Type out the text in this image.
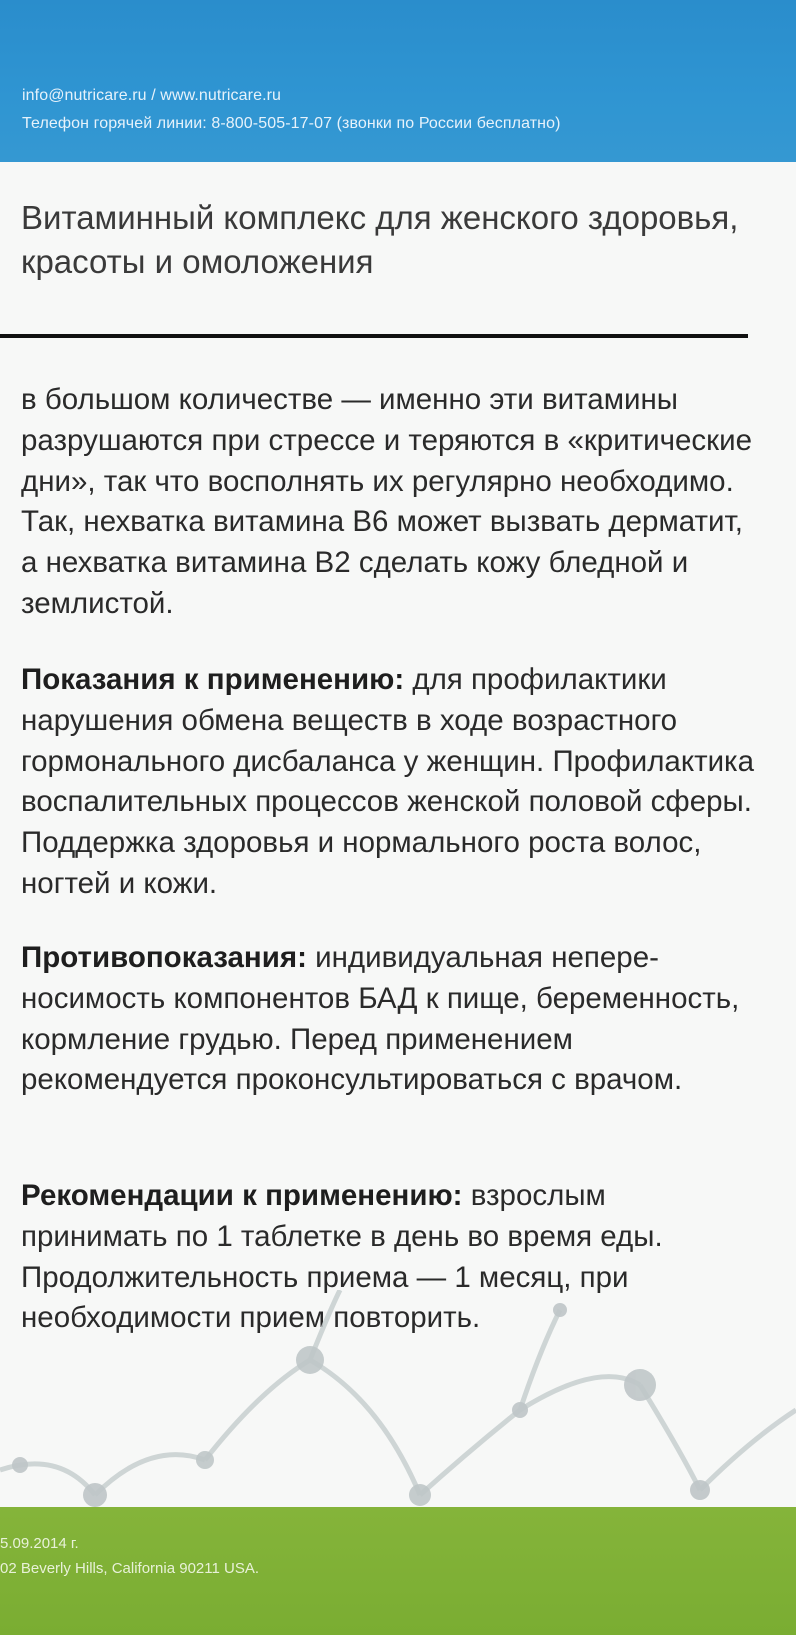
info@nutricare.ru / www.nutricare.ru
Телефон горячей линии: 8-800-505-17-07 (звонки по России бесплатно)
Витаминный комплекс для женского здоровья, красоты и омоложения
в большом количестве — именно эти витамины разрушаются при стрессе и теряются в «критические дни», так что восполнять их регулярно необходимо. Так, нехватка витамина В6 может вызвать дерматит, а нехватка витамина В2 сделать кожу бледной и землистой.
Показания к применению: для профилактики нарушения обмена веществ в ходе возрастного гормонального дисбаланса у женщин. Профилактика воспалительных процессов женской половой сферы. Поддержка здоровья и нормального роста волос, ногтей и кожи.
Противопоказания: индивидуальная непереносимость компонентов БАД к пище, беременность, кормление грудью. Перед применением рекомендуется проконсультироваться с врачом.
Рекомендации к применению: взрослым принимать по 1 таблетке в день во время еды. Продолжительность приема — 1 месяц, при необходимости прием повторить.
5.09.2014 г.
02 Beverly Hills, California 90211 USA.
